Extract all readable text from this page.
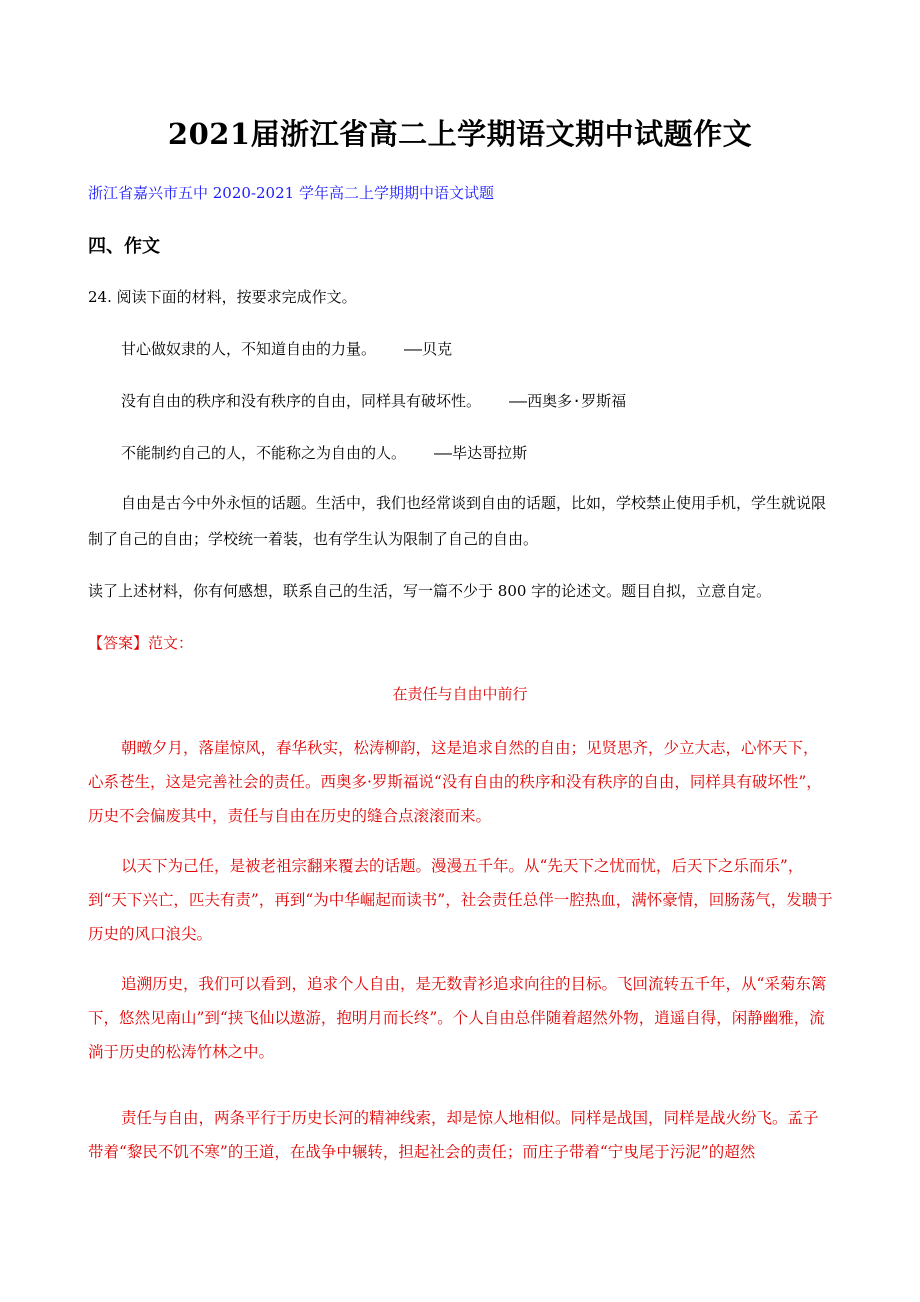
2021届浙江省高二上学期语文期中试题作文
浙江省嘉兴市五中 2020-2021 学年高二上学期期中语文试题
四、作文
24. 阅读下面的材料，按要求完成作文。
甘心做奴隶的人，不知道自由的力量。 ——贝克
没有自由的秩序和没有秩序的自由，同样具有破坏性。 ——西奥多·罗斯福
不能制约自己的人，不能称之为自由的人。 ——毕达哥拉斯
自由是古今中外永恒的话题。生活中，我们也经常谈到自由的话题，比如，学校禁止使用手机，学生就说限制了自己的自由；学校统一着装，也有学生认为限制了自己的自由。
读了上述材料，你有何感想，联系自己的生活，写一篇不少于 800 字的论述文。题目自拟，立意自定。
【答案】范文：
在责任与自由中前行
朝暾夕月，落崖惊风，春华秋实，松涛柳韵，这是追求自然的自由；见贤思齐，少立大志，心怀天下，心系苍生，这是完善社会的责任。西奥多·罗斯福说“没有自由的秩序和没有秩序的自由，同样具有破坏性”，历史不会偏废其中，责任与自由在历史的缝合点滚滚而来。
以天下为己任，是被老祖宗翻来覆去的话题。漫漫五千年。从“先天下之忧而忧，后天下之乐而乐”，到“天下兴亡，匹夫有责”，再到“为中华崛起而读书”，社会责任总伴一腔热血，满怀豪情，回肠荡气，发聩于历史的风口浪尖。
追溯历史，我们可以看到，追求个人自由，是无数青衫追求向往的目标。飞回流转五千年，从“采菊东篱下，悠然见南山”到“挟飞仙以遨游，抱明月而长终”。个人自由总伴随着超然外物，逍遥自得，闲静幽雅，流淌于历史的松涛竹林之中。
责任与自由，两条平行于历史长河的精神线索，却是惊人地相似。同样是战国，同样是战火纷飞。孟子带着“黎民不饥不寒”的王道，在战争中辗转，担起社会的责任；而庄子带着“宁曳尾于污泥”的超然
